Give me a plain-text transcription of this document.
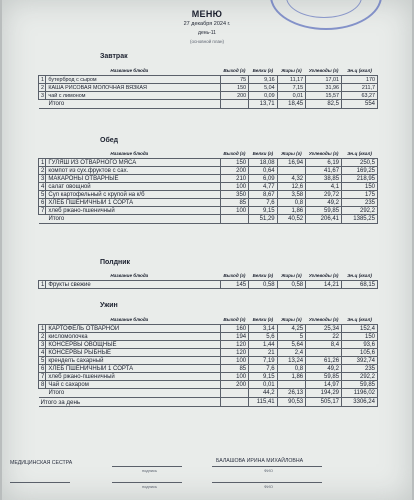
МЕНЮ
27 декабря 2024 г.
день-11
(основной план)
Завтрак
Название блюда		Выход (г)	Белки (г)	Жиры (г)	Углеводы (г)	Эн.ц (ккал)
1	бутерброд с сыром	75	9,16	11,17	17,01	170
2	КАША РИСОВАЯ МОЛОЧНАЯ ВЯЗКАЯ	150	5,04	7,15	31,96	211,7
3	чай с лимоном	200	0,09	0,01	15,57	63,27
Итого			13,71	18,45	82,5	554
Обед
Название блюда		Выход (г)	Белки (г)	Жиры (г)	Углеводы (г)	Эн.ц (ккал)
1	ГУЛЯШ ИЗ ОТВАРНОГО МЯСА	150	18,08	16,94	6,19	250,5
2	компот из сух.фруктов с сах.	200	0,64		41,67	169,25
3	МАКАРОНЫ ОТВАРНЫЕ	210	6,09	4,32	38,85	218,95
4	салат овощной	100	4,77	12,6	4,1	150
5	Суп картофельный с крупой на к/б	350	8,67	3,58	29,72	175
6	ХЛЕБ ПШЕНИЧНЫЙ 1 СОРТА	85	7,6	0,8	49,2	235
7	хлеб ржано-пшеничный	100	9,15	1,86	59,85	292,2
Итого			51,29	40,52	206,41	1385,25
Полдник
Название блюда		Выход (г)	Белки (г)	Жиры (г)	Углеводы (г)	Эн.ц (ккал)
1	Фрукты свежие	145	0,58	0,58	14,21	68,15
Ужин
Название блюда		Выход (г)	Белки (г)	Жиры (г)	Углеводы (г)	Эн.ц (ккал)
1	КАРТОФЕЛЬ ОТВАРНОЙ	160	3,14	4,25	25,34	152,4
2	кисломолочка	194	5,6	5	22	150
3	КОНСЕРВЫ ОВОЩНЫЕ	120	1,44	5,64	8,4	93,6
4	КОНСЕРВЫ РЫБНЫЕ	120	21	2,4		105,6
5	кренделъ сахарный	100	7,19	13,24	61,26	392,74
6	ХЛЕБ ПШЕНИЧНЫЙ 1 СОРТА	85	7,6	0,8	49,2	235
7	хлеб ржано-пшеничный	100	9,15	1,86	59,85	292,2
8	Чай с сахаром	200	0,01		14,97	59,85
Итого			44,2	26,13	194,29	1196,02
Итого за день			115,41	90,53	505,17	3306,24
МЕДИЦИНСКАЯ СЕСТРА
подпись
БАЛАШОВА ИРИНА МИХАЙЛОВНА
ФИО
подпись	ФИО
